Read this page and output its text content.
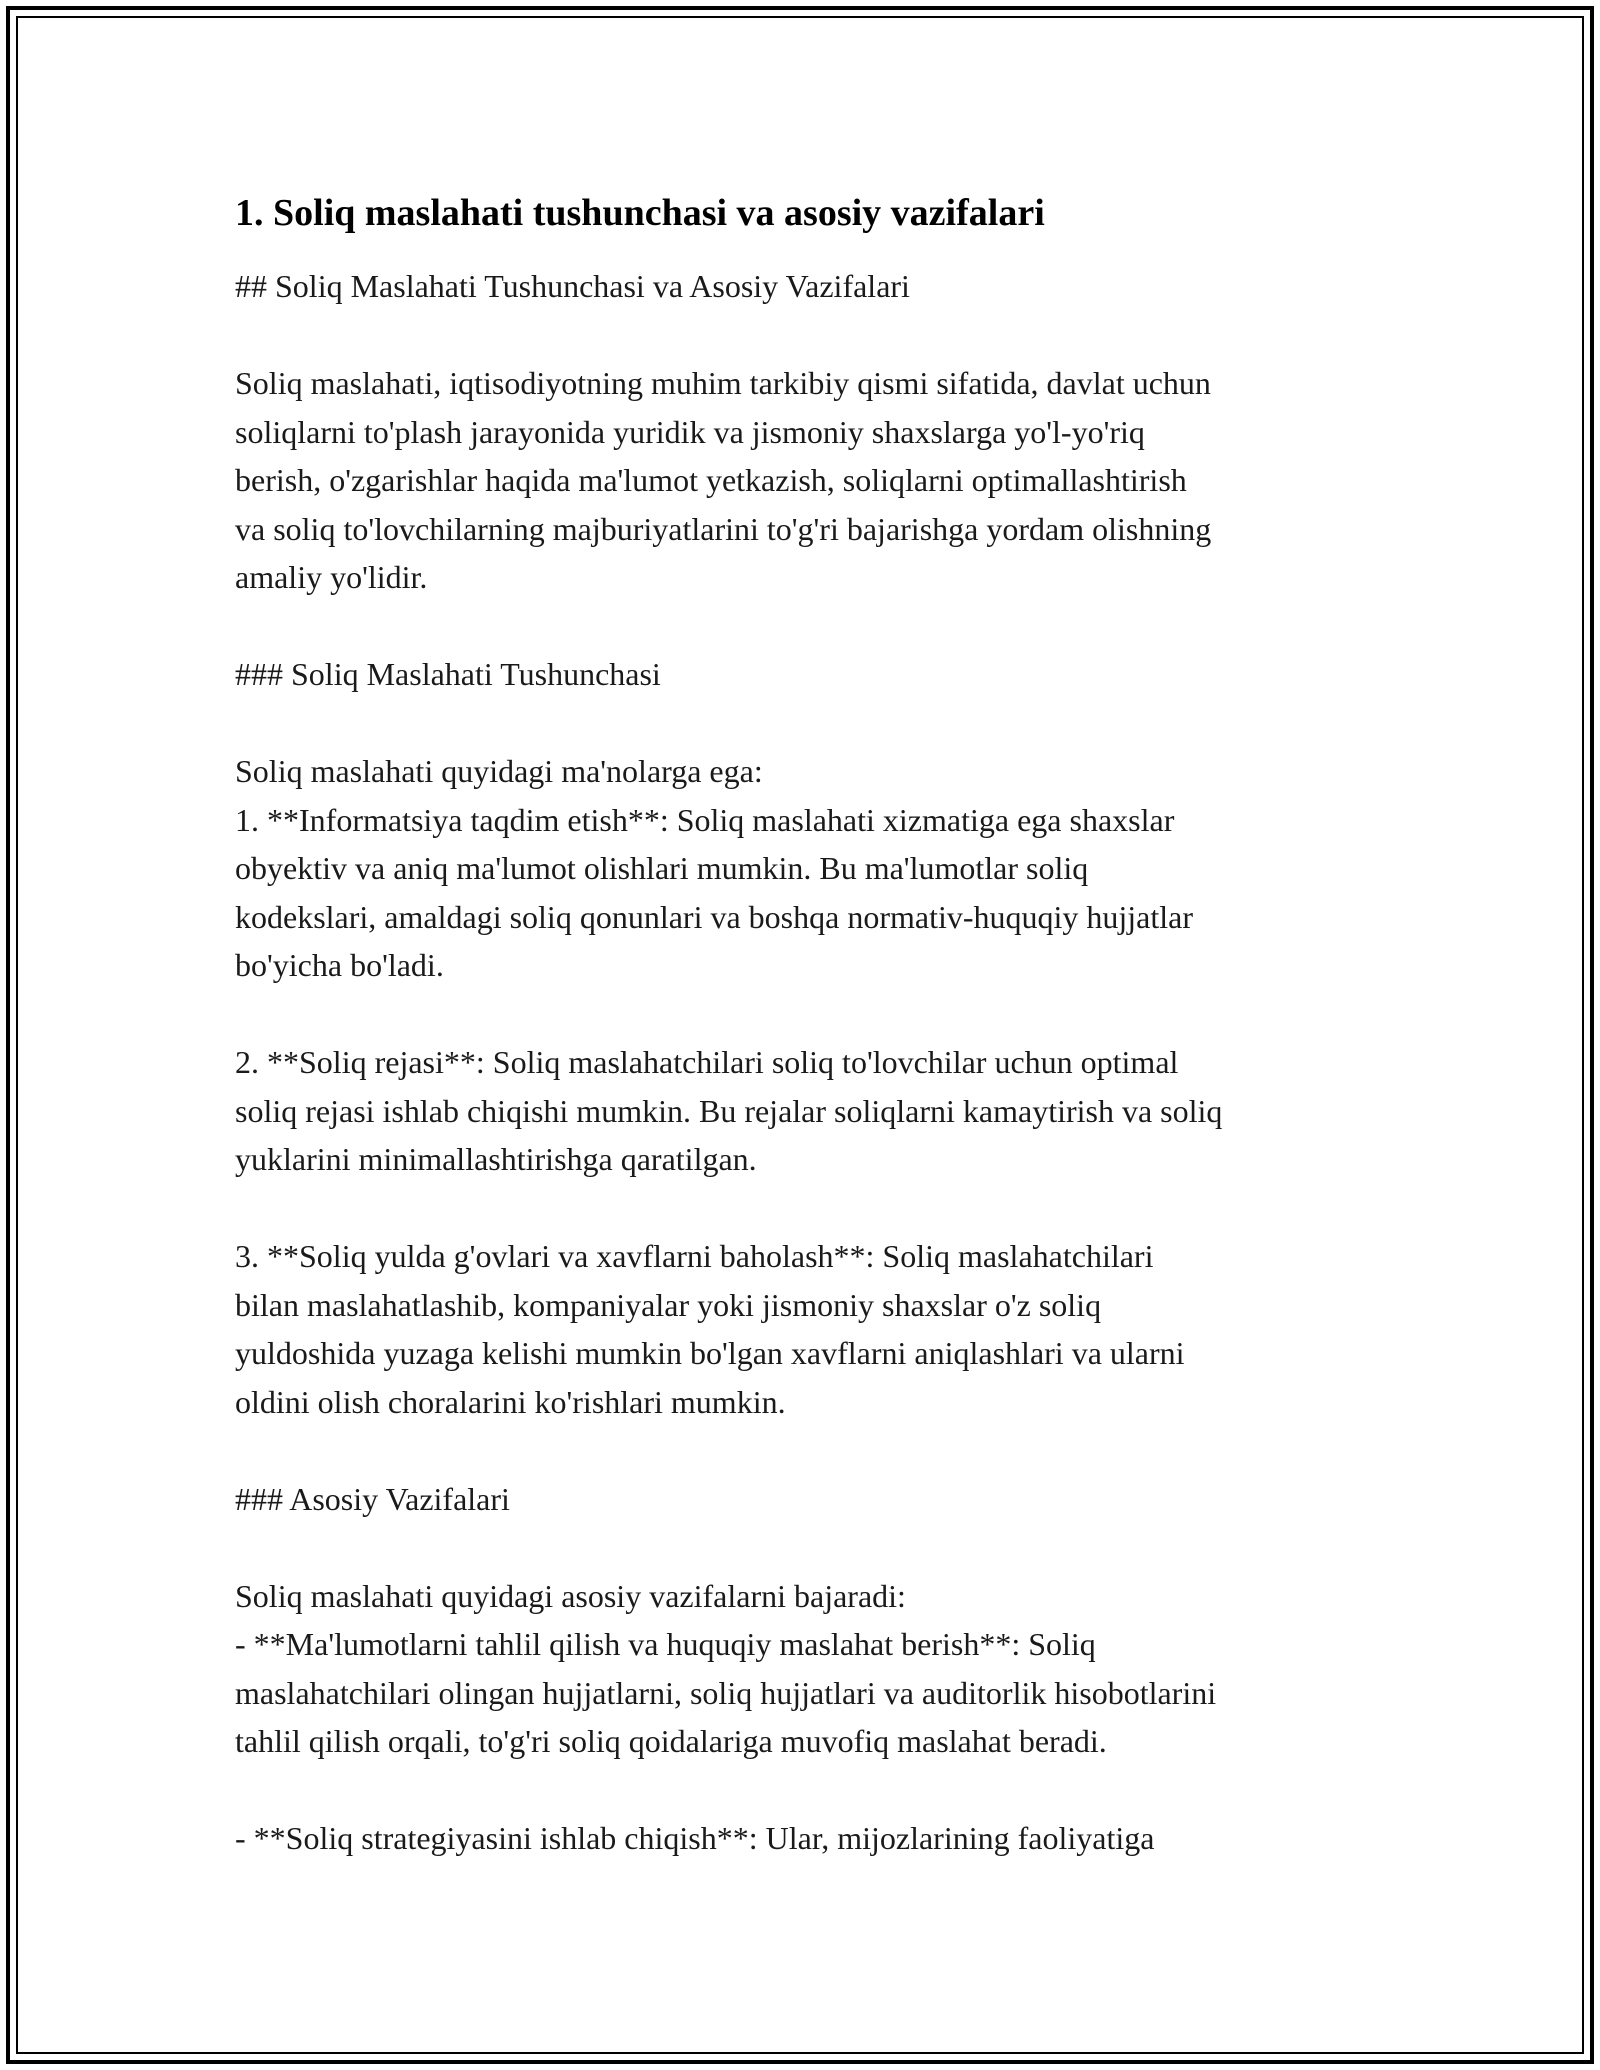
1. Soliq maslahati tushunchasi va asosiy vazifalari
## Soliq Maslahati Tushunchasi va Asosiy Vazifalari
Soliq maslahati, iqtisodiyotning muhim tarkibiy qismi sifatida, davlat uchun
soliqlarni to'plash jarayonida yuridik va jismoniy shaxslarga yo'l-yo'riq
berish, o'zgarishlar haqida ma'lumot yetkazish, soliqlarni optimallashtirish
va soliq to'lovchilarning majburiyatlarini to'g'ri bajarishga yordam olishning
amaliy yo'lidir.
### Soliq Maslahati Tushunchasi
Soliq maslahati quyidagi ma'nolarga ega:
1. **Informatsiya taqdim etish**: Soliq maslahati xizmatiga ega shaxslar
obyektiv va aniq ma'lumot olishlari mumkin. Bu ma'lumotlar soliq
kodekslari, amaldagi soliq qonunlari va boshqa normativ-huquqiy hujjatlar
bo'yicha bo'ladi.
2. **Soliq rejasi**: Soliq maslahatchilari soliq to'lovchilar uchun optimal
soliq rejasi ishlab chiqishi mumkin. Bu rejalar soliqlarni kamaytirish va soliq
yuklarini minimallashtirishga qaratilgan.
3. **Soliq yulda g'ovlari va xavflarni baholash**: Soliq maslahatchilari
bilan maslahatlashib, kompaniyalar yoki jismoniy shaxslar o'z soliq
yuldoshida yuzaga kelishi mumkin bo'lgan xavflarni aniqlashlari va ularni
oldini olish choralarini ko'rishlari mumkin.
### Asosiy Vazifalari
Soliq maslahati quyidagi asosiy vazifalarni bajaradi:
- **Ma'lumotlarni tahlil qilish va huquqiy maslahat berish**: Soliq
maslahatchilari olingan hujjatlarni, soliq hujjatlari va auditorlik hisobotlarini
tahlil qilish orqali, to'g'ri soliq qoidalariga muvofiq maslahat beradi.
- **Soliq strategiyasini ishlab chiqish**: Ular, mijozlarining faoliyatiga
